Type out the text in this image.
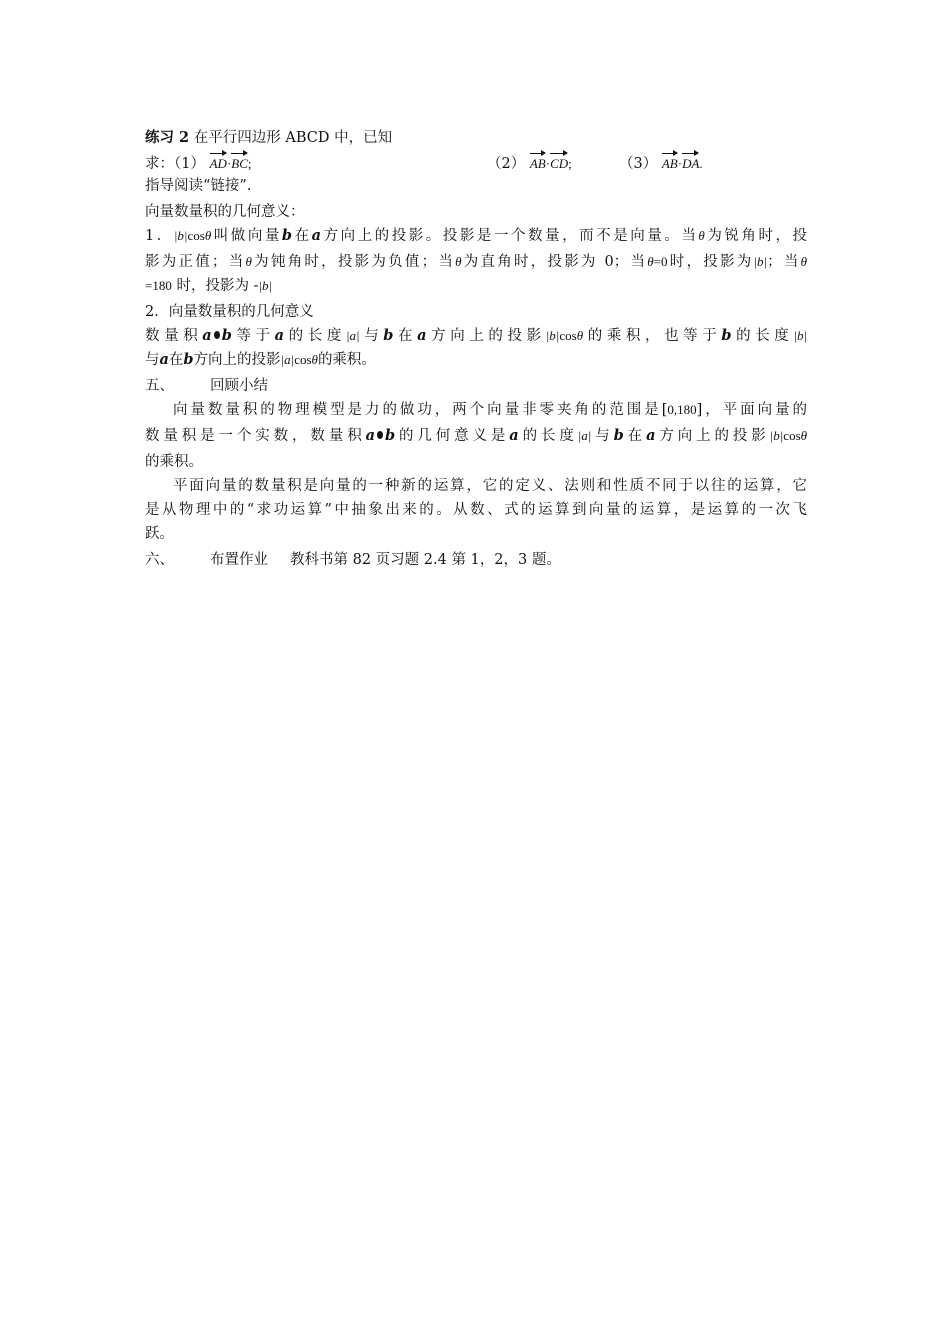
练习 2 在平行四边形 ABCD 中，已知
求：（1） AD·BC;	（2） AB·CD;	（3） AB·DA.
指导阅读“链接”.
向量数量积的几何意义：
1．|b|cosθ叫做向量b在a方向上的投影。投影是一个数量，而不是向量。当θ为锐角时，投
影为正值；当θ为钝角时，投影为负值；当θ为直角时，投影为 0；当θ=0时，投影为|b|；当θ
=180 时，投影为 -|b|
2．向量数量积的几何意义
数量积a b等于a的长度|a|与b在a方向上的投影|b|cosθ的乘积，也等于b的长度|b|
与a在b方向上的投影|a|cosθ的乘积。
五、 回顾小结
向量数量积的物理模型是力的做功，两个向量非零夹角的范围是[0,180]，平面向量的
数量积是一个实数，数量积a b的几何意义是a的长度|a|与b在a方向上的投影|b|cosθ
的乘积。
平面向量的数量积是向量的一种新的运算，它的定义、法则和性质不同于以往的运算，它
是从物理中的“求功运算”中抽象出来的。从数、式的运算到向量的运算，是运算的一次飞
跃。
六、 布置作业 教科书第 82 页习题 2.4 第 1，2，3 题。
